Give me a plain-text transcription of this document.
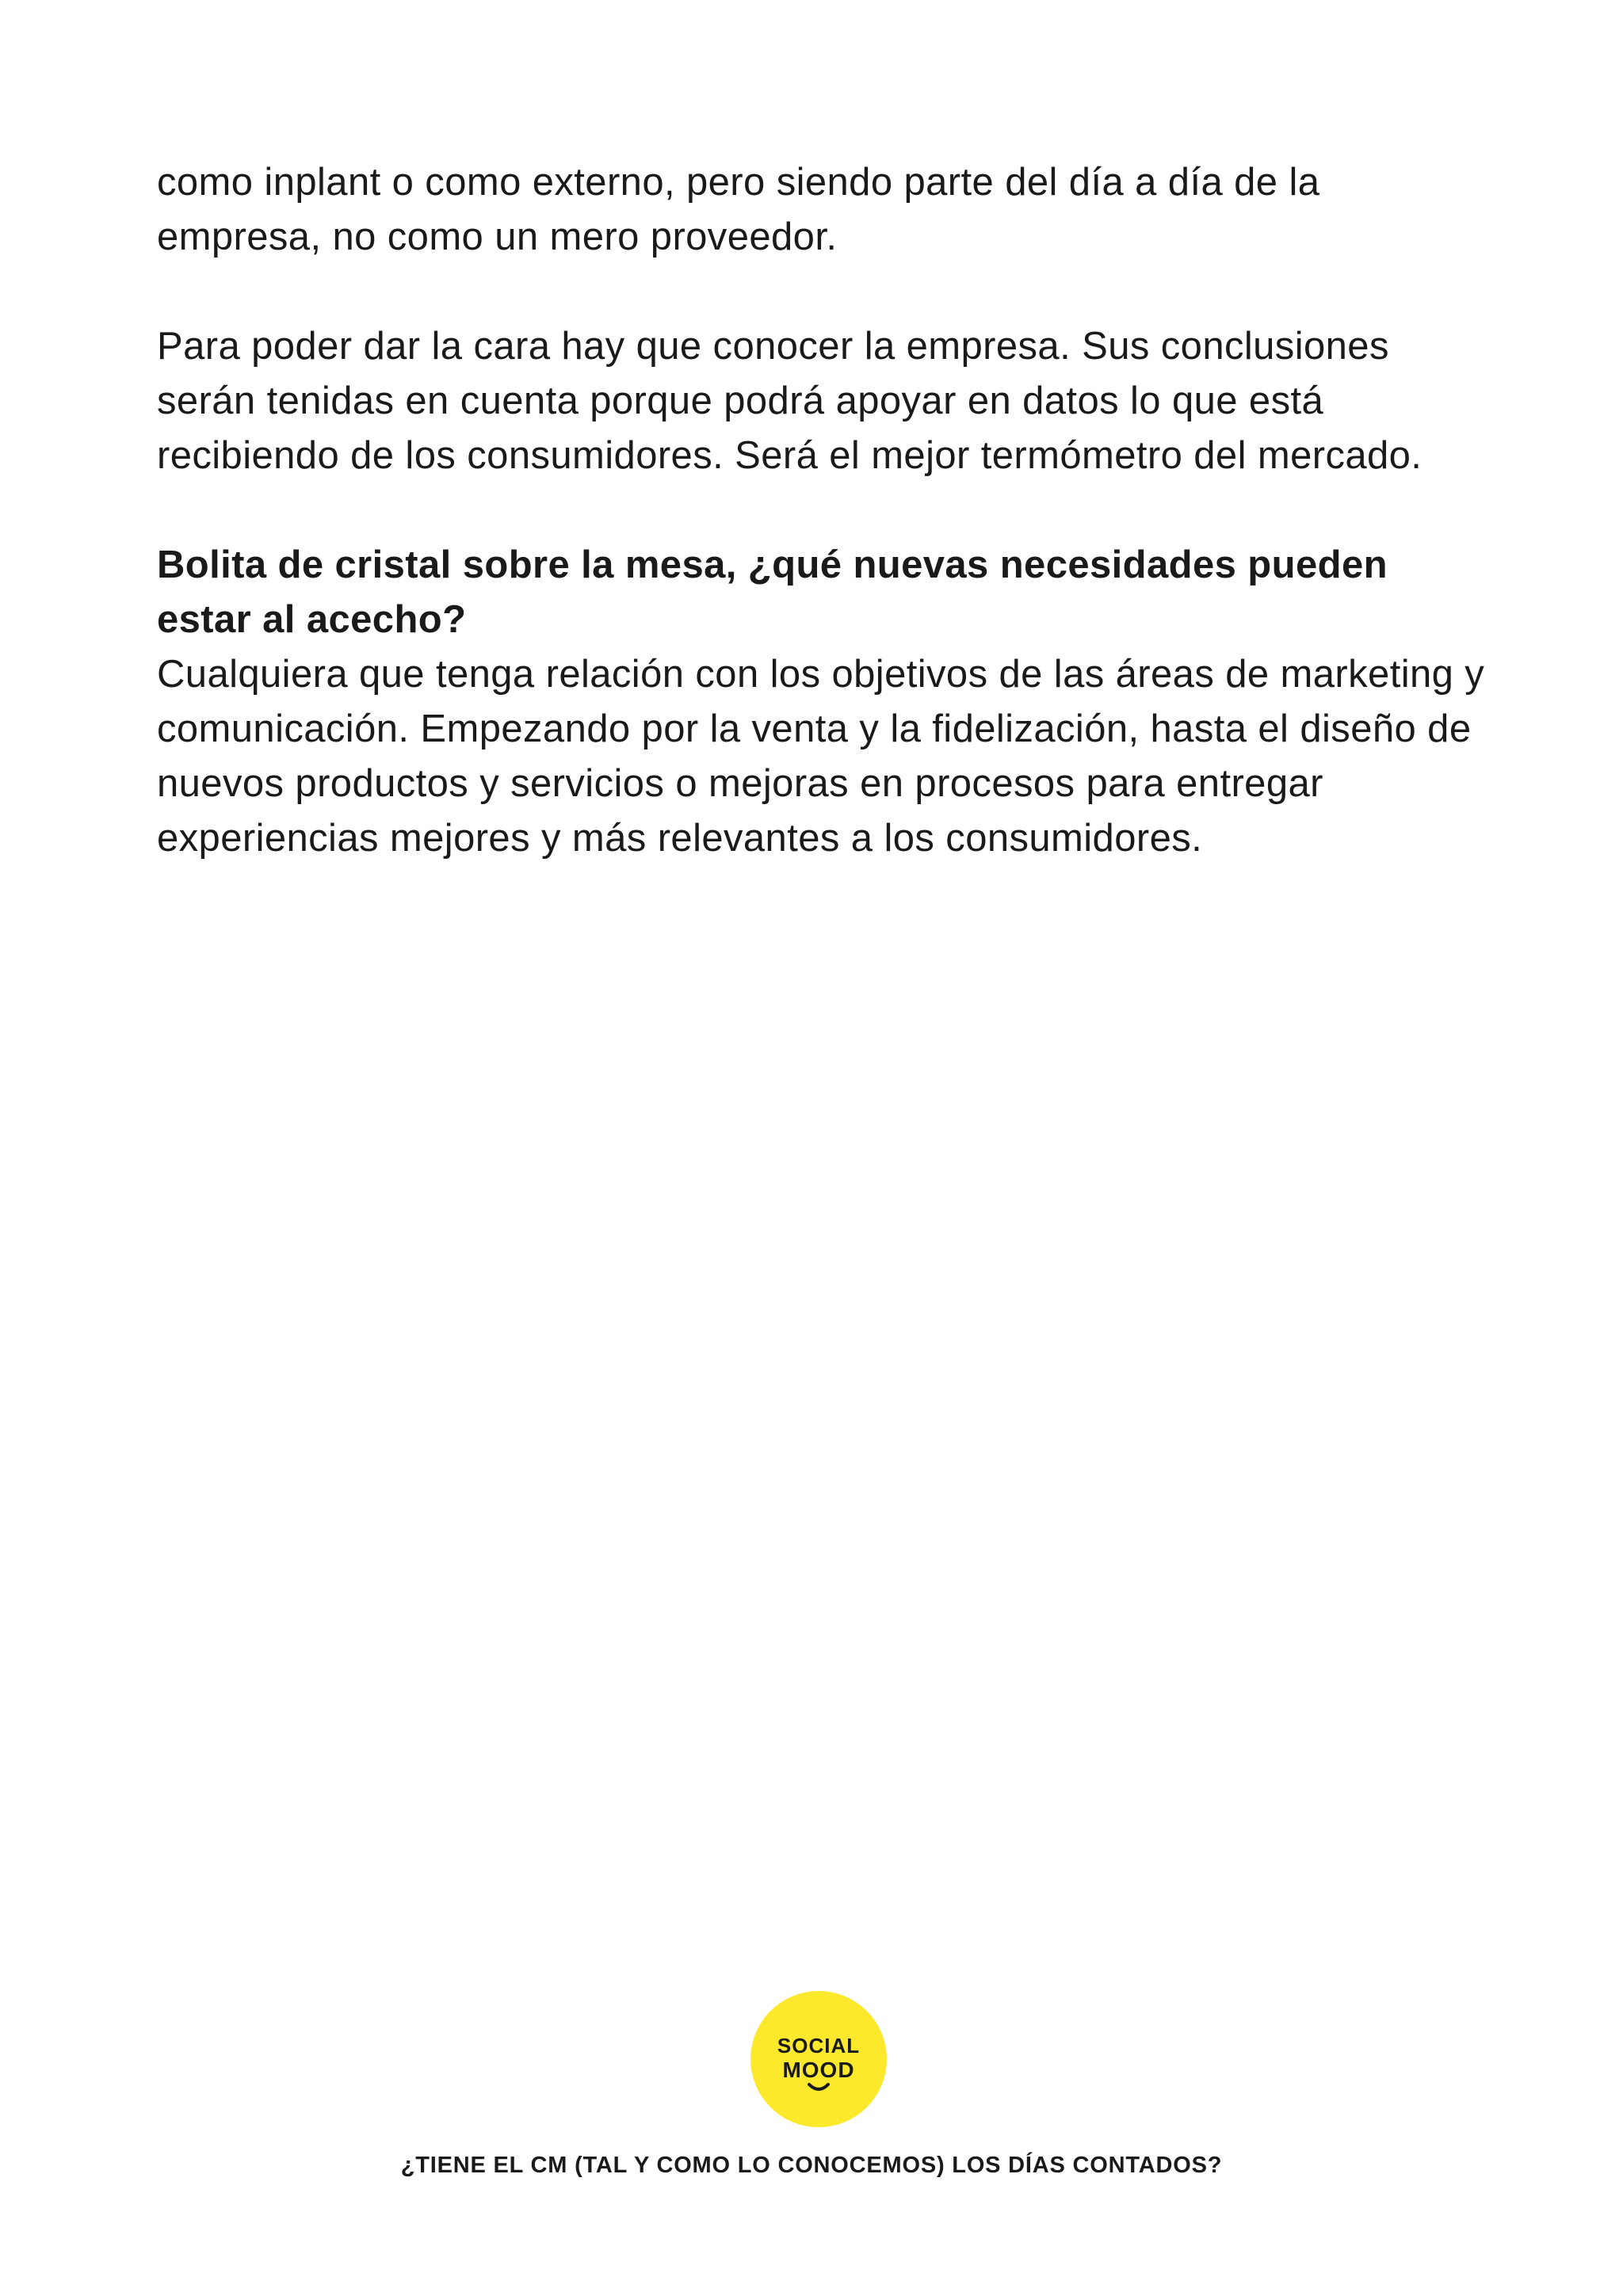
como inplant o como externo, pero siendo parte del día a día de la empresa, no como un mero proveedor.

Para poder dar la cara hay que conocer la empresa. Sus conclusiones serán tenidas en cuenta porque podrá apoyar en datos lo que está recibiendo de los consumidores. Será el mejor termómetro del mercado.

Bolita de cristal sobre la mesa, ¿qué nuevas necesidades pueden estar al acecho?

Cualquiera que tenga relación con los objetivos de las áreas de marketing y comunicación. Empezando por la venta y la fidelización, hasta el diseño de nuevos productos y servicios o mejoras en procesos para entregar experiencias mejores y más relevantes a los consumidores.

SOCIAL
MOOD
¿TIENE EL CM (TAL Y COMO LO CONOCEMOS) LOS DÍAS CONTADOS?
